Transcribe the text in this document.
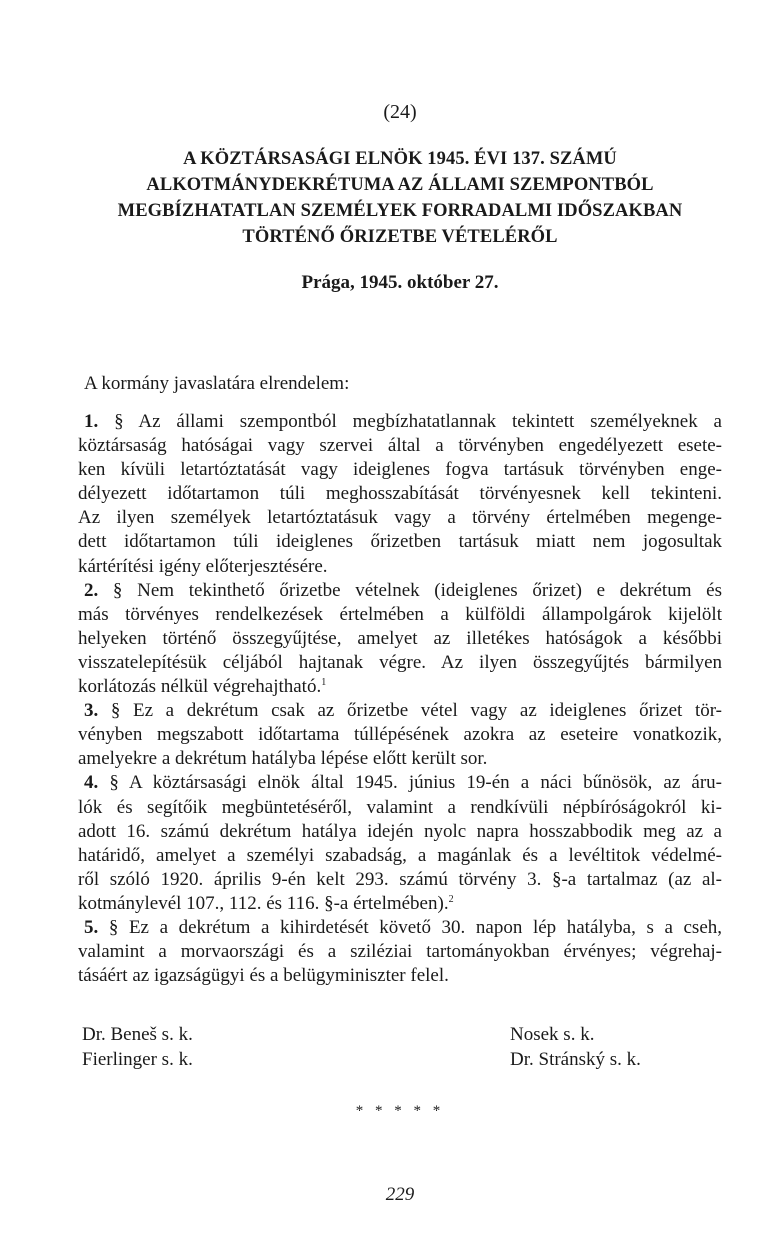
(24)
A KÖZTÁRSASÁGI ELNÖK 1945. ÉVI 137. SZÁMÚ
ALKOTMÁNYDEKRÉTUMA AZ ÁLLAMI SZEMPONTBÓL
MEGBÍZHATATLAN SZEMÉLYEK FORRADALMI IDŐSZAKBAN
TÖRTÉNŐ ŐRIZETBE VÉTELÉRŐL
Prága, 1945. október 27.
A kormány javaslatára elrendelem:
1. § Az állami szempontból megbízhatatlannak tekintett személyeknek a
köztársaság hatóságai vagy szervei által a törvényben engedélyezett esete-
ken kívüli letartóztatását vagy ideiglenes fogva tartásuk törvényben enge-
délyezett időtartamon túli meghosszabítását törvényesnek kell tekinteni.
Az ilyen személyek letartóztatásuk vagy a törvény értelmében megenge-
dett időtartamon túli ideiglenes őrizetben tartásuk miatt nem jogosultak
kártérítési igény előterjesztésére.
2. § Nem tekinthető őrizetbe vételnek (ideiglenes őrizet) e dekrétum és
más törvényes rendelkezések értelmében a külföldi állampolgárok kijelölt
helyeken történő összegyűjtése, amelyet az illetékes hatóságok a későbbi
visszatelepítésük céljából hajtanak végre. Az ilyen összegyűjtés bármilyen
korlátozás nélkül végrehajtható.$^1$
3. § Ez a dekrétum csak az őrizetbe vétel vagy az ideiglenes őrizet tör-
vényben megszabott időtartama túllépésének azokra az eseteire vonatkozik,
amelyekre a dekrétum hatályba lépése előtt került sor.
4. § A köztársasági elnök által 1945. június 19-én a náci bűnösök, az áru-
lók és segítőik megbüntetéséről, valamint a rendkívüli népbíróságokról ki-
adott 16. számú dekrétum hatálya idején nyolc napra hosszabbodik meg az a
határidő, amelyet a személyi szabadság, a magánlak és a levéltitok védelmé-
ről szóló 1920. április 9-én kelt 293. számú törvény 3. §-a tartalmaz (az al-
kotmánylevél 107., 112. és 116. §-a értelmében).$^2$
5. § Ez a dekrétum a kihirdetését követő 30. napon lép hatályba, s a cseh,
valamint a morvaországi és a sziléziai tartományokban érvényes; végrehaj-
tásáért az igazságügyi és a belügyminiszter felel.
Dr. Beneš s. k.
Fierlinger s. k.
Nosek s. k.
Dr. Stránský s. k.
* * * * *
229
